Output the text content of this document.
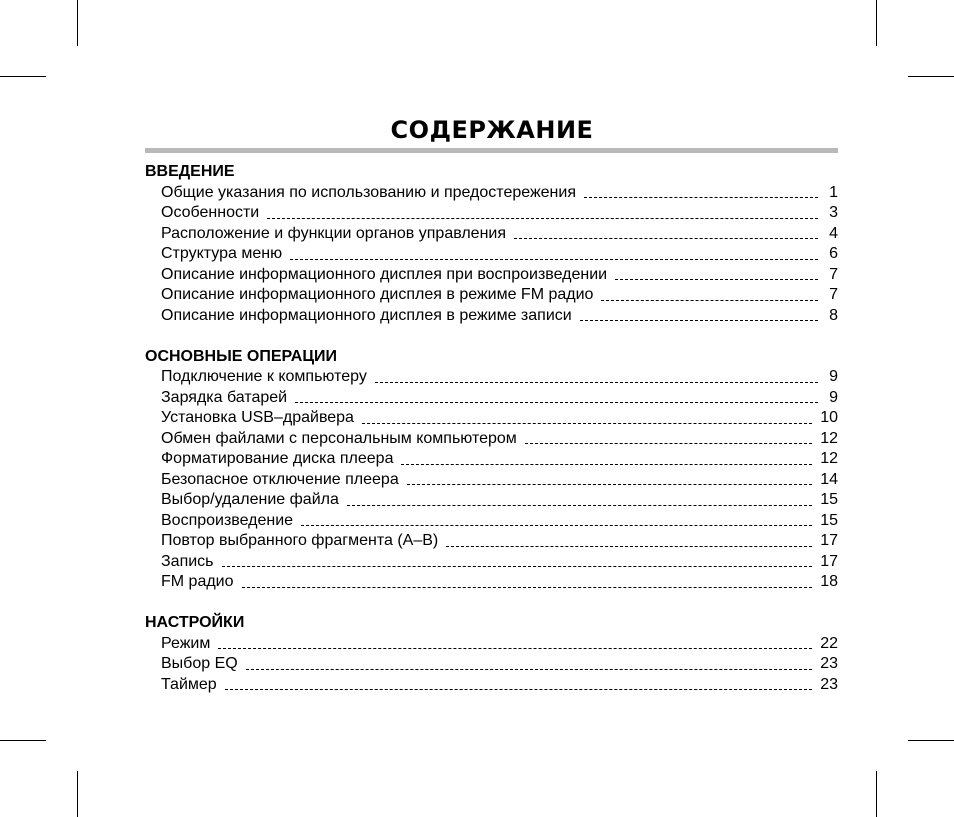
СОДЕРЖАНИЕ
ВВЕДЕНИЕ
Общие указания по использованию и предостережения	1
Особенности	3
Расположение и функции органов управления	4
Структура меню	6
Описание информационного дисплея при воспроизведении	7
Описание информационного дисплея в режиме FM радио	7
Описание информационного дисплея в режиме записи	8
ОСНОВНЫЕ ОПЕРАЦИИ
Подключение к компьютеру	9
Зарядка батарей	9
Установка USB–драйвера	10
Обмен файлами с персональным компьютером	12
Форматирование диска плеера	12
Безопасное отключение плеера	14
Выбор/удаление файла	15
Воспроизведение	15
Повтор выбранного фрагмента (A–B)	17
Запись	17
FM радио	18
НАСТРОЙКИ
Режим	22
Выбор EQ	23
Таймер	23
